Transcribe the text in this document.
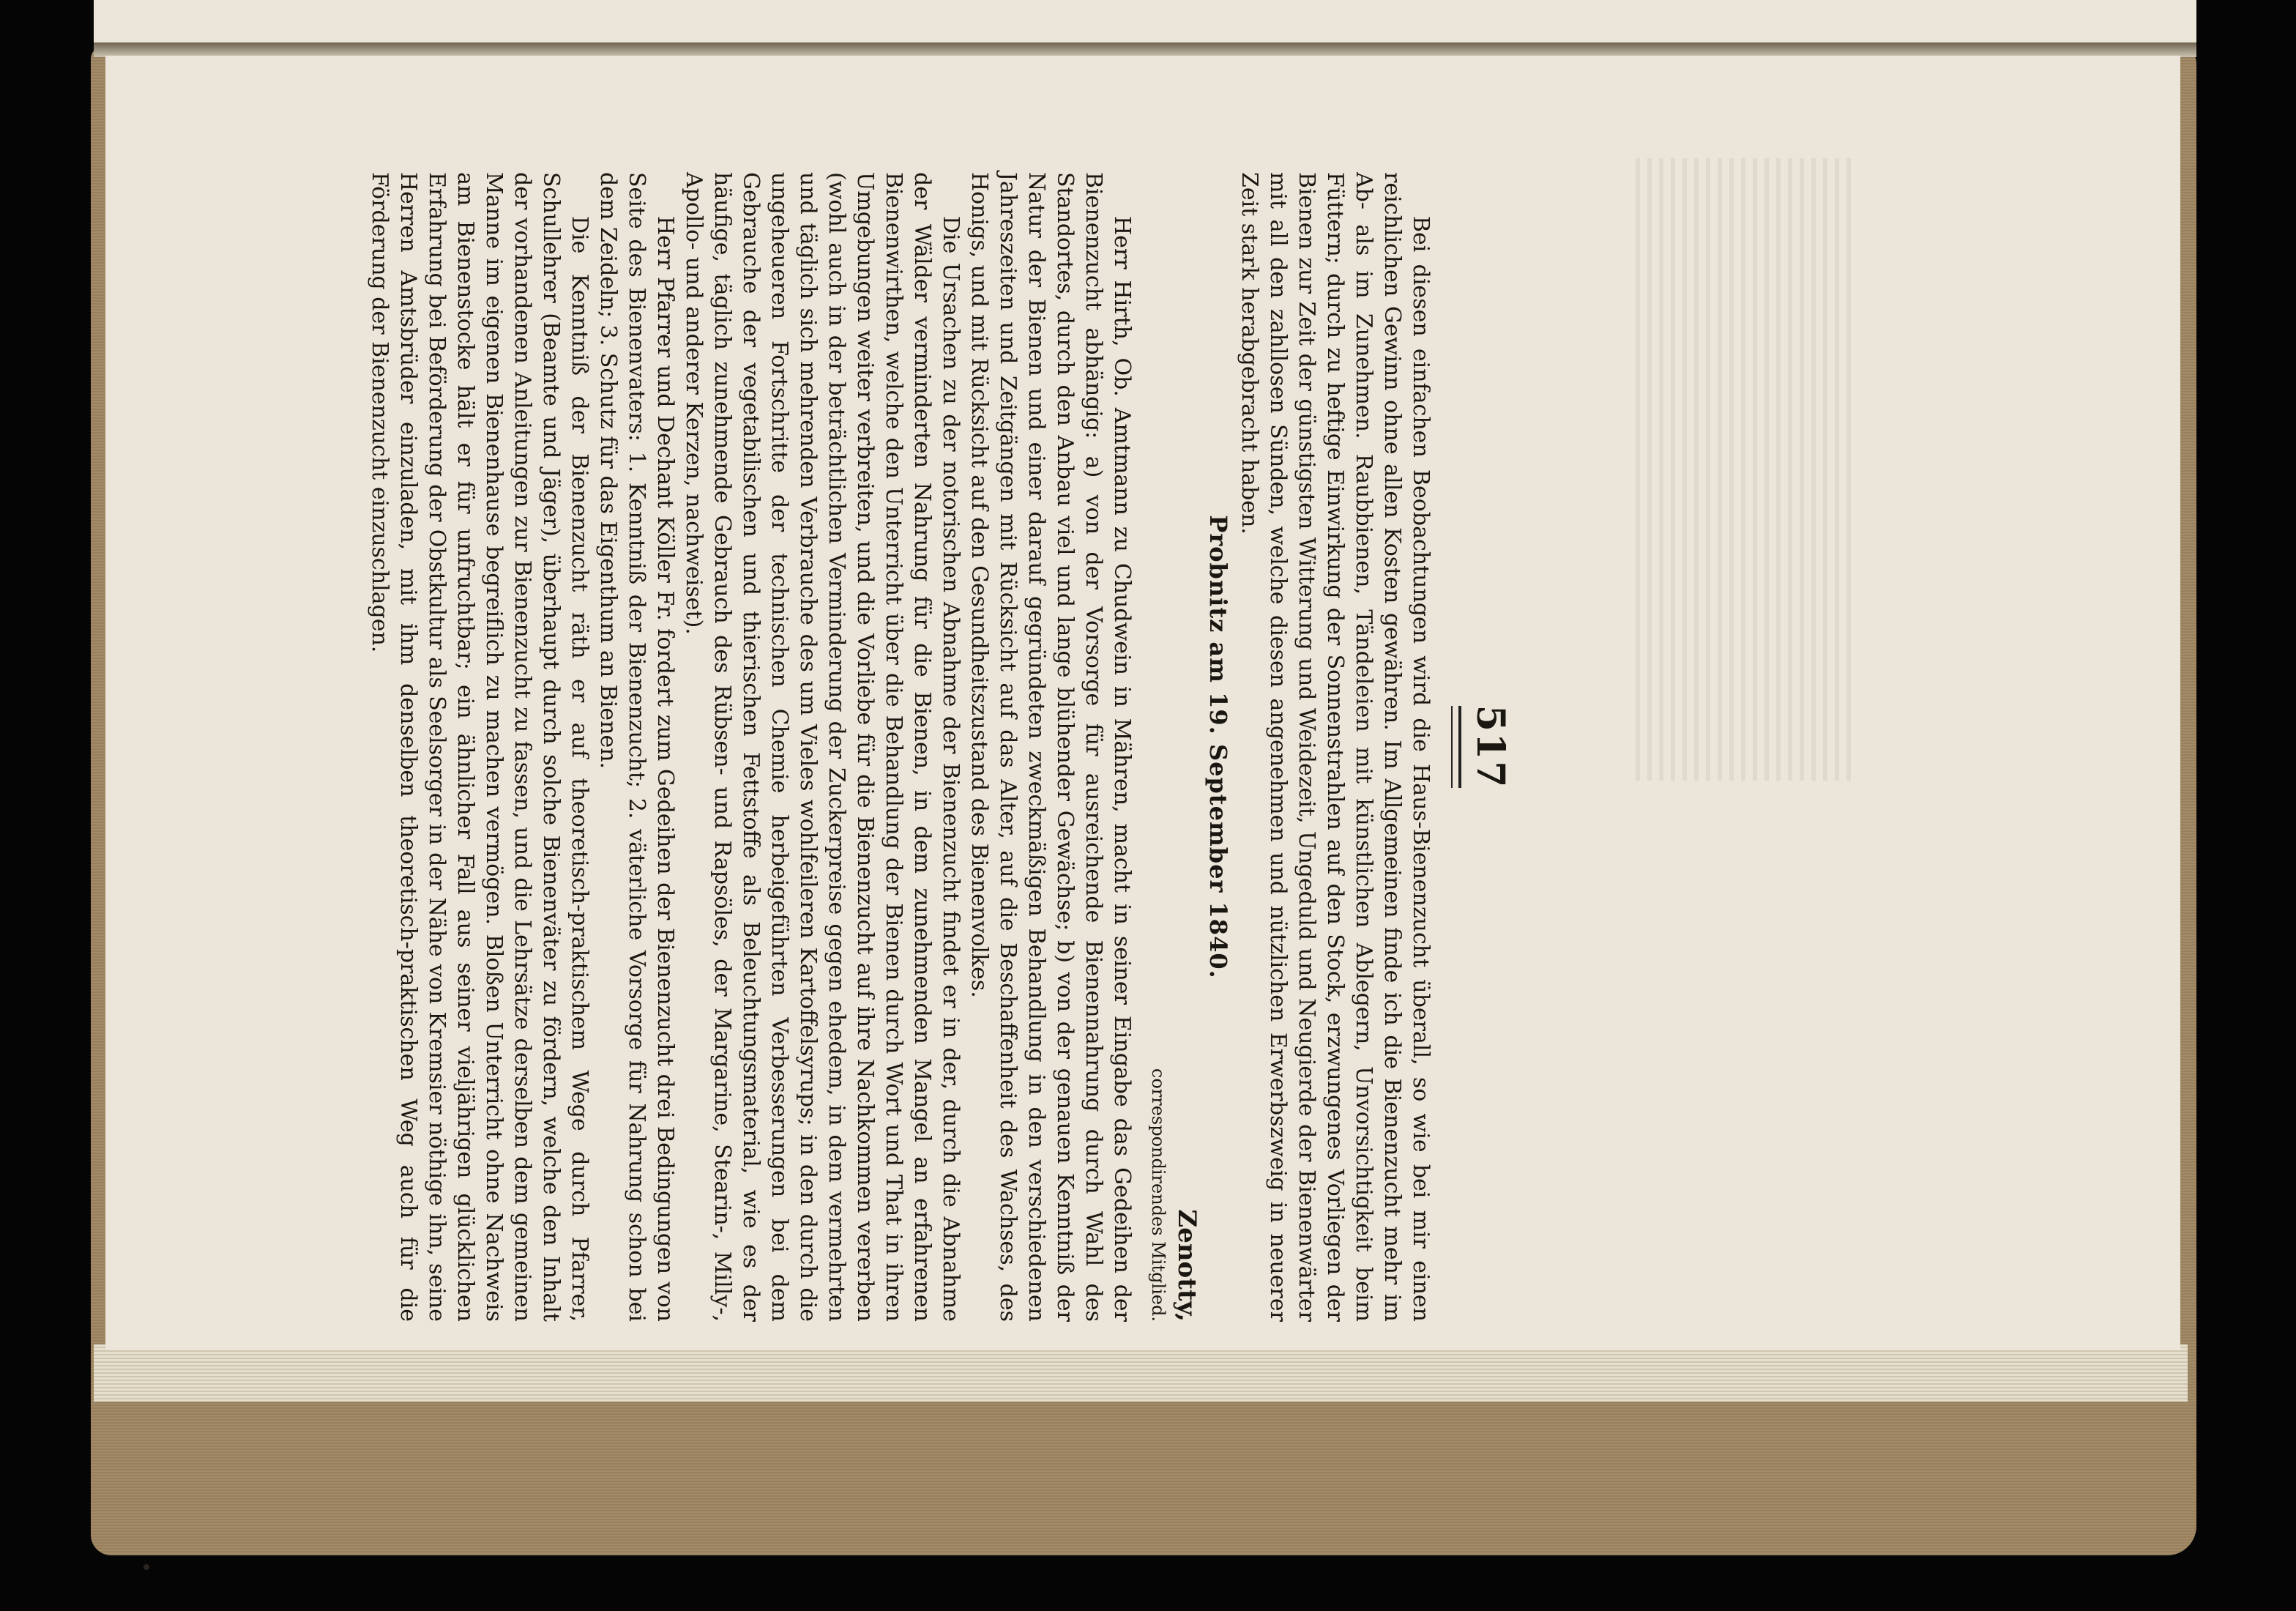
517

Bei diesen einfachen Beobachtungen wird die Haus-Bienenzucht überall, so wie bei mir einen reichlichen Gewinn ohne allen Kosten gewähren. Im Allgemeinen finde ich die Bienenzucht mehr im Ab- als im Zunehmen. Raubbienen, Tändeleien mit künstlichen Ablegern, Unvorsichtigkeit beim Füttern; durch zu heftige Einwirkung der Sonnenstrahlen auf den Stock, erzwungenes Vorliegen der Bienen zur Zeit der günstigsten Witterung und Weidezeit, Ungeduld und Neugierde der Bienenwärter mit all den zahllosen Sünden, welche diesen angenehmen und nützlichen Erwerbszweig in neuerer Zeit stark herabgebracht haben.

Probnitz am 19. September 1840.

Zenotty,

correspondirendes Mitglied.

Herr Hirth, Ob. Amtmann zu Chudwein in Mähren, macht in seiner Eingabe das Gedeihen der Bienenzucht abhängig: a) von der Vorsorge für ausreichende Bienennahrung durch Wahl des Standortes, durch den Anbau viel und lange blühender Gewächse; b) von der genauen Kenntniß der Natur der Bienen und einer darauf gegründeten zweckmäßigen Behandlung in den verschiedenen Jahreszeiten und Zeitgängen mit Rücksicht auf das Alter, auf die Beschaffenheit des Wachses, des Honigs, und mit Rücksicht auf den Gesundheitszustand des Bienenvolkes.

Die Ursachen zu der notorischen Abnahme der Bienenzucht findet er in der, durch die Abnahme der Wälder verminderten Nahrung für die Bienen, in dem zunehmenden Mangel an erfahrenen Bienenwirthen, welche den Unterricht über die Behandlung der Bienen durch Wort und That in ihren Umgebungen weiter verbreiten, und die Vorliebe für die Bienenzucht auf ihre Nachkommen vererben (wohl auch in der beträchtlichen Verminderung der Zuckerpreise gegen ehedem, in dem vermehrten und täglich sich mehrenden Verbrauche des um Vieles wohlfeileren Kartoffelsyrups; in den durch die ungeheueren Fortschritte der technischen Chemie herbeigeführten Verbesserungen bei dem Gebrauche der vegetabilischen und thierischen Fettstoffe als Beleuchtungsmaterial, wie es der häufige, täglich zunehmende Gebrauch des Rübsen- und Rapsöles, der Margarine, Stearin-, Milly-, Apollo- und anderer Kerzen, nachweiset).

Herr Pfarrer und Dechant Köller Fr. fordert zum Gedeihen der Bienenzucht drei Bedingungen von Seite des Bienenvaters: 1. Kenntniß der Bienenzucht; 2. väterliche Vorsorge für Nahrung schon bei dem Zeideln; 3. Schutz für das Eigenthum an Bienen.

Die Kenntniß der Bienenzucht räth er auf theoretisch-praktischem Wege durch Pfarrer, Schullehrer (Beamte und Jäger), überhaupt durch solche Bienenväter zu fördern, welche den Inhalt der vorhandenen Anleitungen zur Bienenzucht zu fassen, und die Lehrsätze derselben dem gemeinen Manne im eigenen Bienenhause begreiflich zu machen vermögen. Bloßen Unterricht ohne Nachweis am Bienenstocke hält er für unfruchtbar; ein ähnlicher Fall aus seiner vieljährigen glücklichen Erfahrung bei Beförderung der Obstkultur als Seelsorger in der Nähe von Kremsier nöthige ihn, seine Herren Amtsbrüder einzuladen, mit ihm denselben theoretisch-praktischen Weg auch für die Förderung der Bienenzucht einzuschlagen.
